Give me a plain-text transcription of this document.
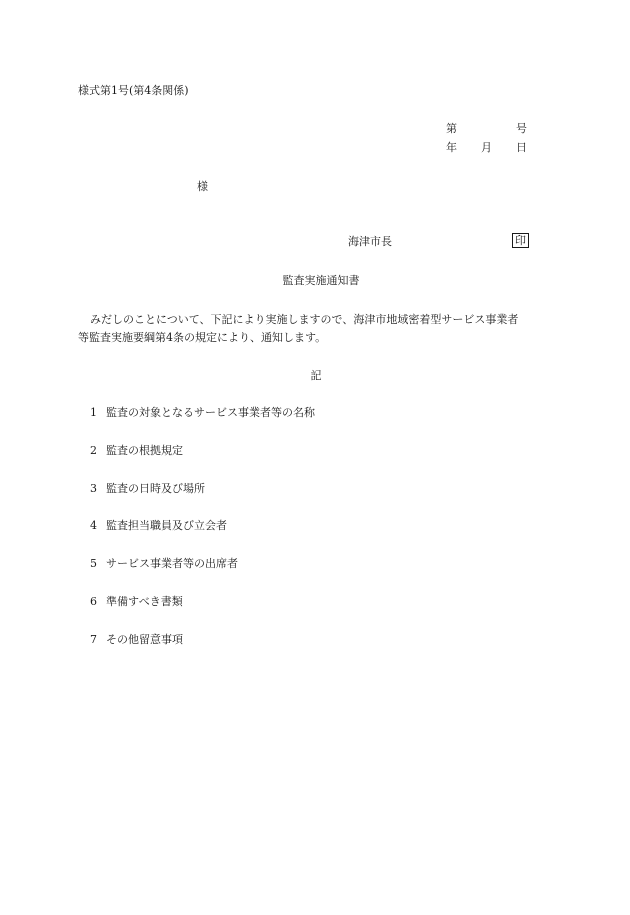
様式第1号(第4条関係)
第	号
年 月 日
様
海津市長	印
監査実施通知書

みだしのことについて、下記により実施しますので、海津市地域密着型サービス事業者

等監査実施要綱第4条の規定により、通知します。

記
1 監査の対象となるサービス事業者等の名称
2 監査の根拠規定
3 監査の日時及び場所
4 監査担当職員及び立会者
5 サービス事業者等の出席者
6 準備すべき書類
7 その他留意事項
